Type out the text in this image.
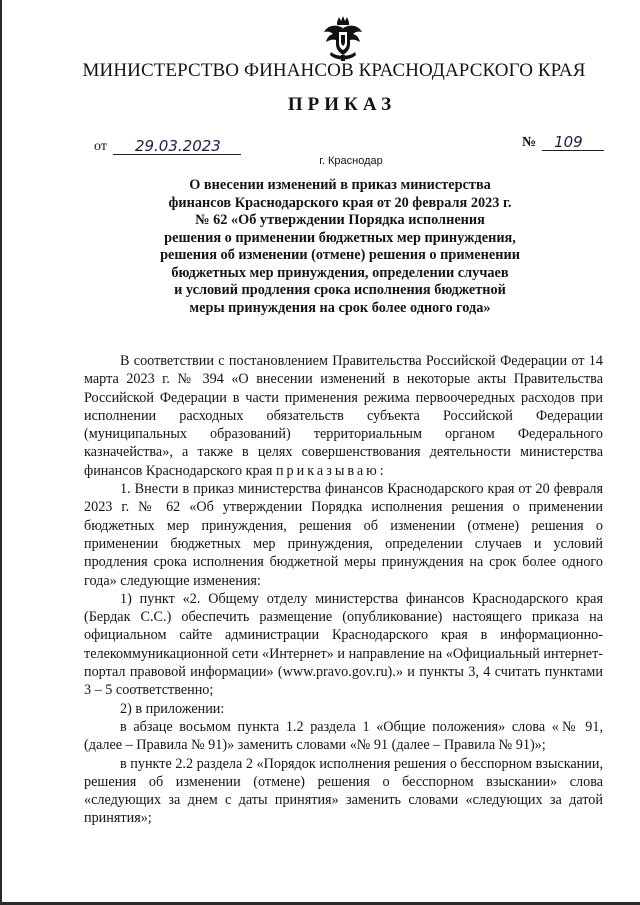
МИНИСТЕРСТВО ФИНАНСОВ КРАСНОДАРСКОГО КРАЯ
ПРИКАЗ
от	29.03.2023	№	109
г. Краснодар
О внесении изменений в приказ министерства
финансов Краснодарского края от 20 февраля 2023 г.
№ 62 «Об утверждении Порядка исполнения
решения о применении бюджетных мер принуждения,
решения об изменении (отмене) решения о применении
бюджетных мер принуждения, определении случаев
и условий продления срока исполнения бюджетной
меры принуждения на срок более одного года»

В соответствии с постановлением Правительства Российской Федерации от 14 марта 2023 г. № 394 «О внесении изменений в некоторые акты Правительства Российской Федерации в части применения режима первоочередных расходов при исполнении расходных обязательств субъекта Российской Федерации (муниципальных образований) территориальным органом Федерального казначейства», а также в целях совершенствования деятельности министерства финансов Краснодарского края приказываю:

1. Внести в приказ министерства финансов Краснодарского края от 20 февраля 2023 г. № 62 «Об утверждении Порядка исполнения решения о применении бюджетных мер принуждения, решения об изменении (отмене) решения о применении бюджетных мер принуждения, определении случаев и условий продления срока исполнения бюджетной меры принуждения на срок более одного года» следующие изменения:

1) пункт «2. Общему отделу министерства финансов Краснодарского края (Бердак С.С.) обеспечить размещение (опубликование) настоящего приказа на официальном сайте администрации Краснодарского края в информационно-телекоммуникационной сети «Интернет» и направление на «Официальный интернет-портал правовой информации» (www.pravo.gov.ru).» и пункты 3, 4 считать пунктами 3 – 5 соответственно;

2) в приложении:

в абзаце восьмом пункта 1.2 раздела 1 «Общие положения» слова «№ 91, (далее – Правила № 91)» заменить словами «№ 91 (далее – Правила № 91)»;

в пункте 2.2 раздела 2 «Порядок исполнения решения о бесспорном взыскании, решения об изменении (отмене) решения о бесспорном взыскании» слова «следующих за днем с даты принятия» заменить словами «следующих за датой принятия»;
